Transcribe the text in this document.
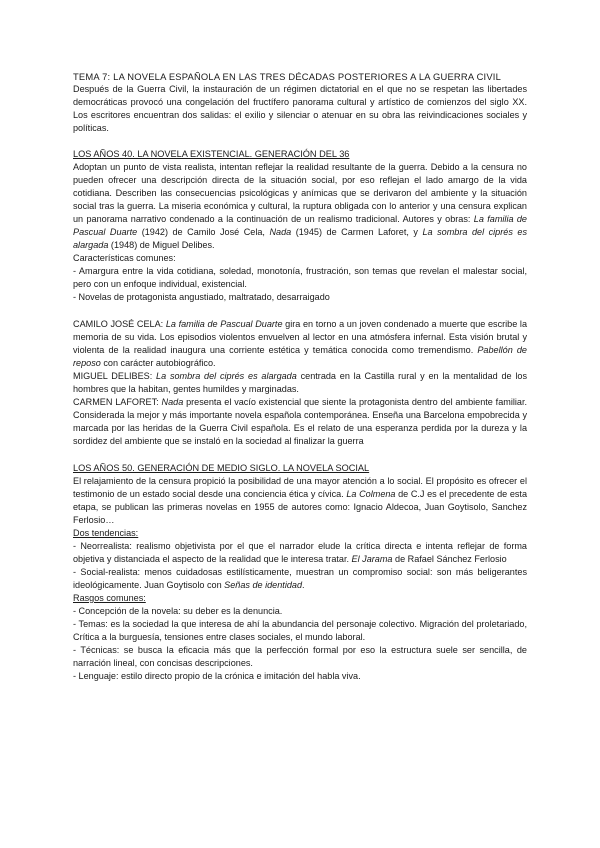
TEMA 7: LA NOVELA ESPAÑOLA EN LAS TRES DÉCADAS POSTERIORES A LA GUERRA CIVIL

Después de la Guerra Civil, la instauración de un régimen dictatorial en el que no se respetan las libertades democráticas provocó una congelación del fructífero panorama cultural y artístico de comienzos del siglo XX. Los escritores encuentran dos salidas: el exilio y silenciar o atenuar en su obra las reivindicaciones sociales y políticas.

LOS AÑOS 40. LA NOVELA EXISTENCIAL. GENERACIÓN DEL 36

Adoptan un punto de vista realista, intentan reflejar la realidad resultante de la guerra. Debido a la censura no pueden ofrecer una descripción directa de la situación social, por eso reflejan el lado amargo de la vida cotidiana. Describen las consecuencias psicológicas y anímicas que se derivaron del ambiente y la situación social tras la guerra. La miseria económica y cultural, la ruptura obligada con lo anterior y una censura explican un panorama narrativo condenado a la continuación de un realismo tradicional. Autores y obras: La familia de Pascual Duarte (1942) de Camilo José Cela, Nada (1945) de Carmen Laforet, y La sombra del ciprés es alargada (1948) de Miguel Delibes.

Características comunes:

- Amargura entre la vida cotidiana, soledad, monotonía, frustración, son temas que revelan el malestar social, pero con un enfoque individual, existencial.

- Novelas de protagonista angustiado, maltratado, desarraigado

CAMILO JOSÉ CELA: La familia de Pascual Duarte gira en torno a un joven condenado a muerte que escribe la memoria de su vida. Los episodios violentos envuelven al lector en una atmósfera infernal. Esta visión brutal y violenta de la realidad inaugura una corriente estética y temática conocida como tremendismo. Pabellón de reposo con carácter autobiográfico.

MIGUEL DELIBES: La sombra del ciprés es alargada centrada en la Castilla rural y en la mentalidad de los hombres que la habitan, gentes humildes y marginadas.

CARMEN LAFORET: Nada presenta el vacío existencial que siente la protagonista dentro del ambiente familiar. Considerada la mejor y más importante novela española contemporánea. Enseña una Barcelona empobrecida y marcada por las heridas de la Guerra Civil española. Es el relato de una esperanza perdida por la dureza y la sordidez del ambiente que se instaló en la sociedad al finalizar la guerra

LOS AÑOS 50. GENERACIÓN DE MEDIO SIGLO. LA NOVELA SOCIAL

El relajamiento de la censura propició la posibilidad de una mayor atención a lo social. El propósito es ofrecer el testimonio de un estado social desde una conciencia ética y cívica. La Colmena de C.J es el precedente de esta etapa, se publican las primeras novelas en 1955 de autores como: Ignacio Aldecoa, Juan Goytisolo, Sanchez Ferlosio…

Dos tendencias:

- Neorrealista: realismo objetivista por el que el narrador elude la crítica directa e intenta reflejar de forma objetiva y distanciada el aspecto de la realidad que le interesa tratar. El Jarama de Rafael Sánchez Ferlosio

- Social-realista: menos cuidadosas estilísticamente, muestran un compromiso social: son más beligerantes ideológicamente. Juan Goytisolo con Señas de identidad.

Rasgos comunes:

- Concepción de la novela: su deber es la denuncia.

- Temas: es la sociedad la que interesa de ahí la abundancia del personaje colectivo. Migración del proletariado, Crítica a la burguesía, tensiones entre clases sociales, el mundo laboral.

- Técnicas: se busca la eficacia más que la perfección formal por eso la estructura suele ser sencilla, de narración lineal, con concisas descripciones.

- Lenguaje: estilo directo propio de la crónica e imitación del habla viva.
